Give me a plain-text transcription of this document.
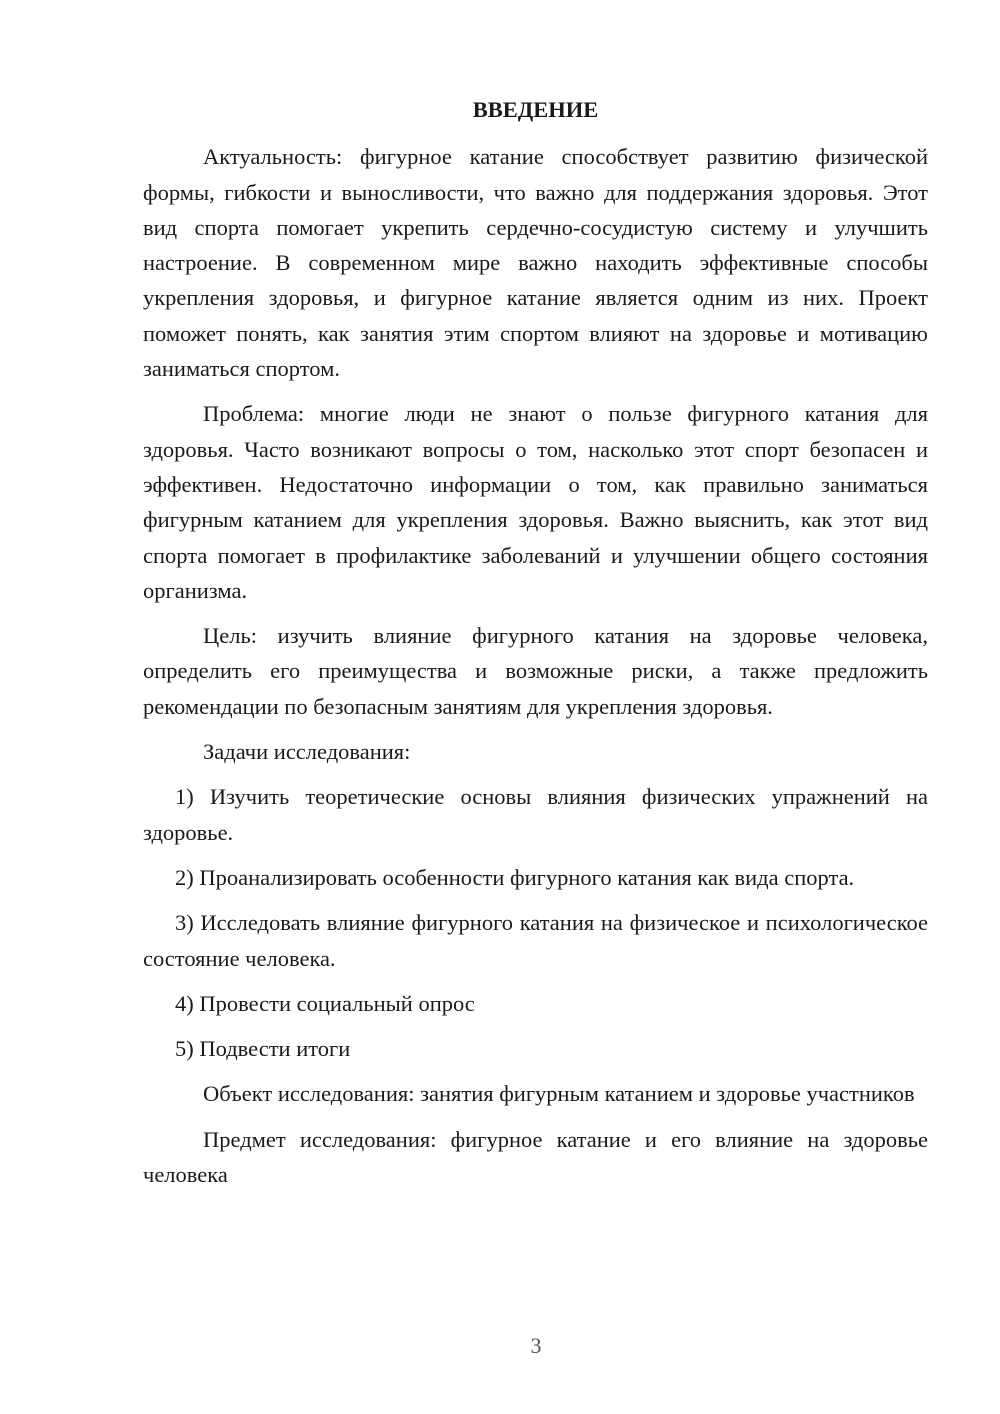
ВВЕДЕНИЕ

Актуальность: фигурное катание способствует развитию физической формы, гибкости и выносливости, что важно для поддержания здоровья. Этот вид спорта помогает укрепить сердечно-сосудистую систему и улучшить настроение. В современном мире важно находить эффективные способы укрепления здоровья, и фигурное катание является одним из них. Проект поможет понять, как занятия этим спортом влияют на здоровье и мотивацию заниматься спортом.

Проблема: многие люди не знают о пользе фигурного катания для здоровья. Часто возникают вопросы о том, насколько этот спорт безопасен и эффективен. Недостаточно информации о том, как правильно заниматься фигурным катанием для укрепления здоровья. Важно выяснить, как этот вид спорта помогает в профилактике заболеваний и улучшении общего состояния организма.

Цель: изучить влияние фигурного катания на здоровье человека, определить его преимущества и возможные риски, а также предложить рекомендации по безопасным занятиям для укрепления здоровья.

Задачи исследования:

1) Изучить теоретические основы влияния физических упражнений на здоровье.

2) Проанализировать особенности фигурного катания как вида спорта.

3) Исследовать влияние фигурного катания на физическое и психологическое состояние человека.

4) Провести социальный опрос

5) Подвести итоги

Объект исследования: занятия фигурным катанием и здоровье участников

Предмет исследования: фигурное катание и его влияние на здоровье человека

3
